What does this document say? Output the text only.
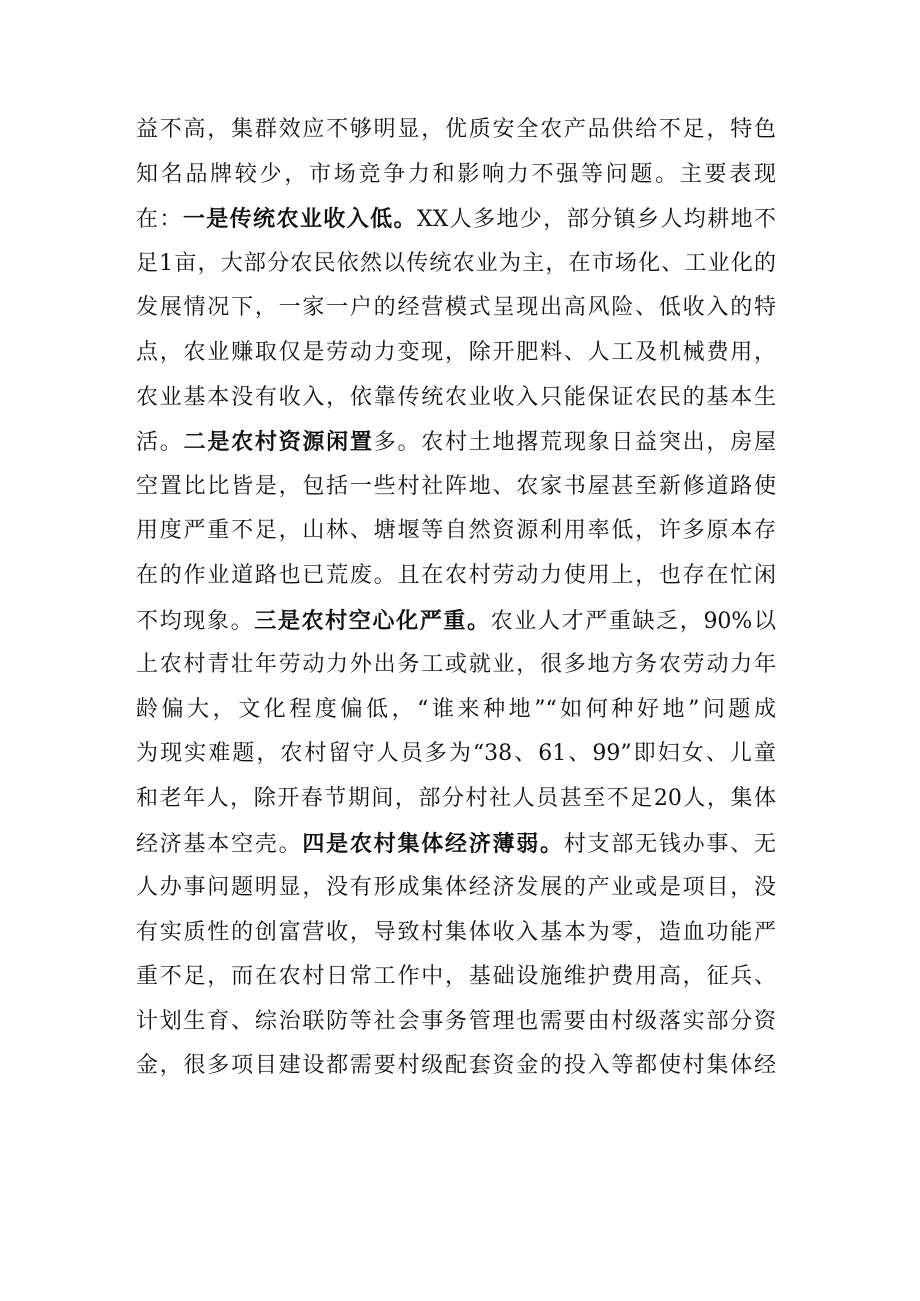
益不高，集群效应不够明显，优质安全农产品供给不足，特色
知名品牌较少，市场竞争力和影响力不强等问题。主要表现
在：一是传统农业收入低。XX人多地少，部分镇乡人均耕地不
足1亩，大部分农民依然以传统农业为主，在市场化、工业化的
发展情况下，一家一户的经营模式呈现出高风险、低收入的特
点，农业赚取仅是劳动力变现，除开肥料、人工及机械费用，
农业基本没有收入，依靠传统农业收入只能保证农民的基本生
活。二是农村资源闲置多。农村土地撂荒现象日益突出，房屋
空置比比皆是，包括一些村社阵地、农家书屋甚至新修道路使
用度严重不足，山林、塘堰等自然资源利用率低，许多原本存
在的作业道路也已荒废。且在农村劳动力使用上，也存在忙闲
不均现象。三是农村空心化严重。农业人才严重缺乏，90%以
上农村青壮年劳动力外出务工或就业，很多地方务农劳动力年
龄偏大，文化程度偏低，“谁来种地”“如何种好地”问题成
为现实难题，农村留守人员多为“38、61、99”即妇女、儿童
和老年人，除开春节期间，部分村社人员甚至不足20人，集体
经济基本空壳。四是农村集体经济薄弱。村支部无钱办事、无
人办事问题明显，没有形成集体经济发展的产业或是项目，没
有实质性的创富营收，导致村集体收入基本为零，造血功能严
重不足，而在农村日常工作中，基础设施维护费用高，征兵、
计划生育、综治联防等社会事务管理也需要由村级落实部分资
金，很多项目建设都需要村级配套资金的投入等都使村集体经
